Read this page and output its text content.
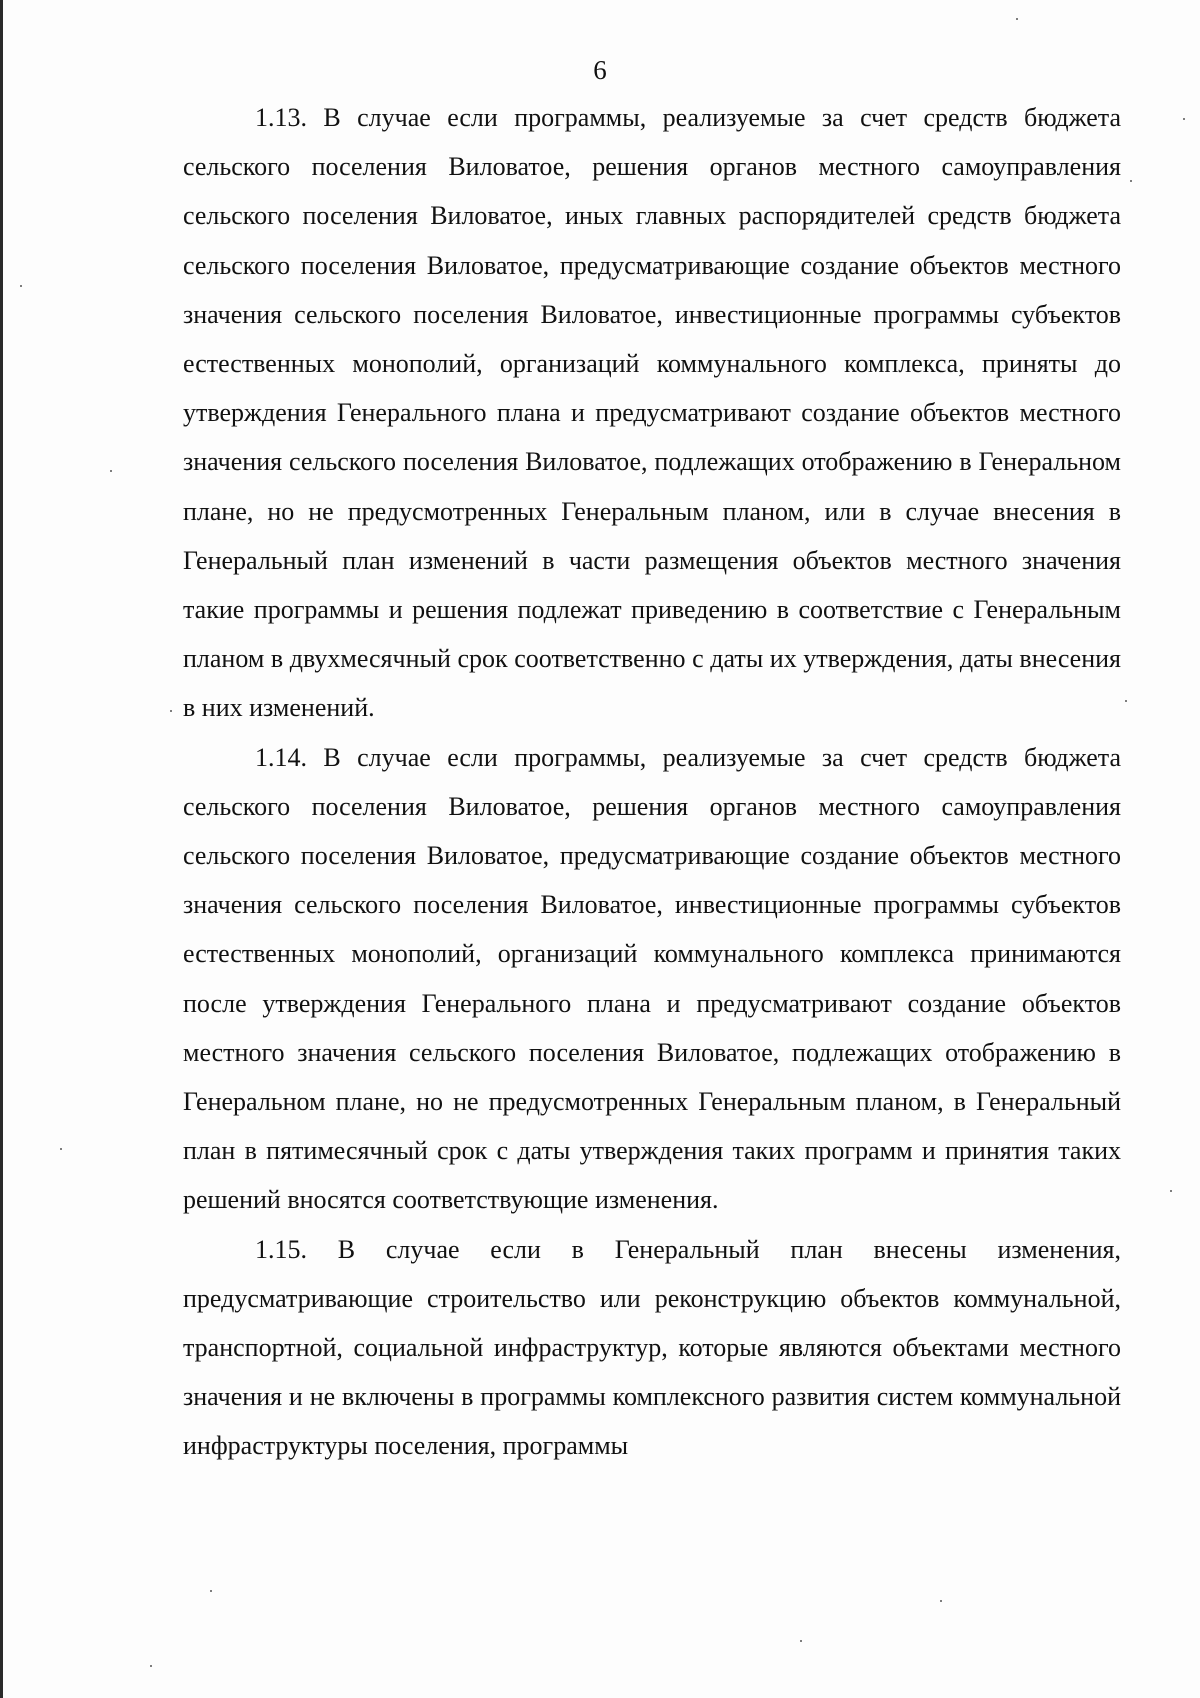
6

1.13. В случае если программы, реализуемые за счет средств бюджета сельского поселения Виловатое, решения органов местного самоуправления сельского поселения Виловатое, иных главных распорядителей средств бюджета сельского поселения Виловатое, предусматривающие создание объектов местного значения сельского поселения Виловатое, инвестиционные программы субъектов естественных монополий, организаций коммунального комплекса, приняты до утверждения Генерального плана и предусматривают создание объектов местного значения сельского поселения Виловатое, подлежащих отображению в Генеральном плане, но не предусмотренных Генеральным планом, или в случае внесения в Генеральный план изменений в части размещения объектов местного значения такие программы и решения подлежат приведению в соответствие с Генеральным планом в двухмесячный срок соответственно с даты их утверждения, даты внесения в них изменений.

1.14. В случае если программы, реализуемые за счет средств бюджета сельского поселения Виловатое, решения органов местного самоуправления сельского поселения Виловатое, предусматривающие создание объектов местного значения сельского поселения Виловатое, инвестиционные программы субъектов естественных монополий, организаций коммунального комплекса принимаются после утверждения Генерального плана и предусматривают создание объектов местного значения сельского поселения Виловатое, подлежащих отображению в Генеральном плане, но не предусмотренных Генеральным планом, в Генеральный план в пятимесячный срок с даты утверждения таких программ и принятия таких решений вносятся соответствующие изменения.

1.15. В случае если в Генеральный план внесены изменения, предусматривающие строительство или реконструкцию объектов коммунальной, транспортной, социальной инфраструктур, которые являются объектами местного значения и не включены в программы комплексного развития систем коммунальной инфраструктуры поселения, программы
